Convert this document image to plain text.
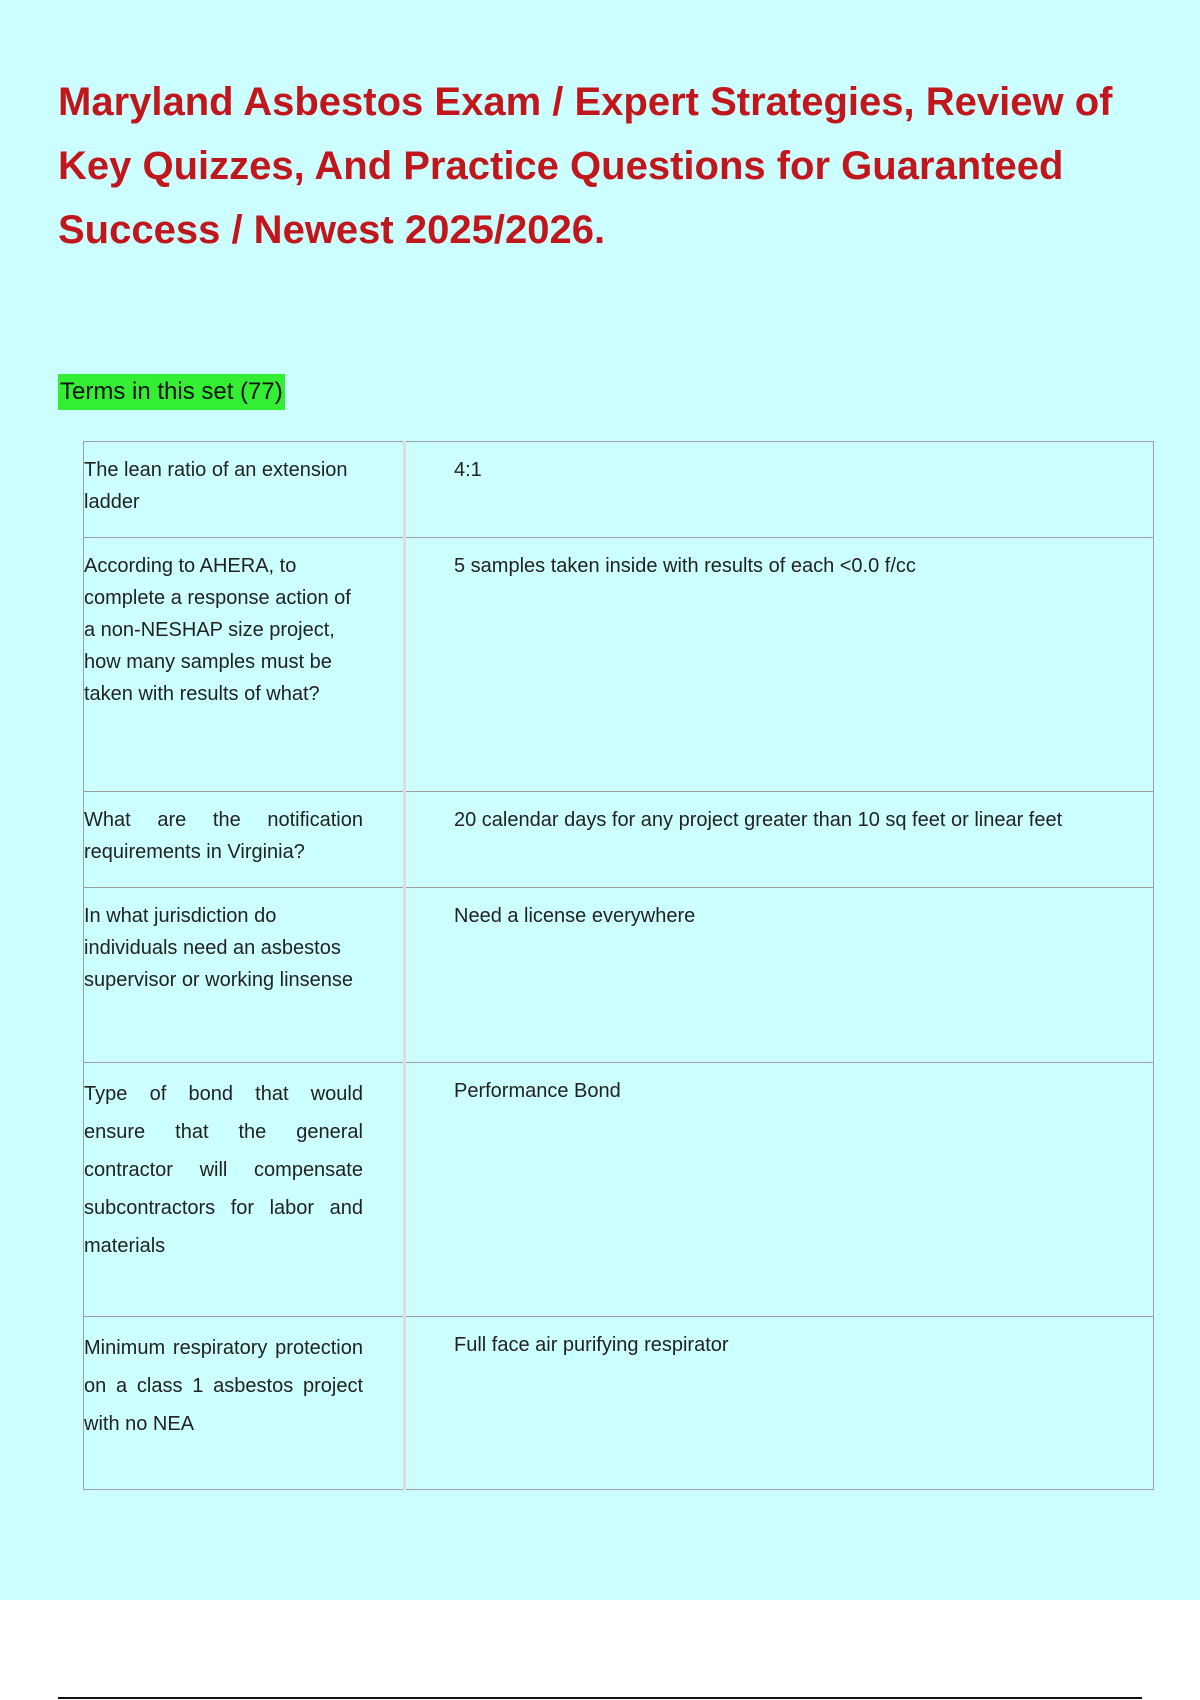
Maryland Asbestos Exam / Expert Strategies, Review of Key Quizzes, And Practice Questions for Guaranteed Success / Newest 2025/2026.
Terms in this set (77)
The lean ratio of an extension ladder	4:1

According to AHERA, to complete a response action of a non-NESHAP size project, how many samples must be taken with results of what?	5 samples taken inside with results of each <0.0 f/cc

What are the notification requirements in Virginia?	20 calendar days for any project greater than 10 sq feet or linear feet

In what jurisdiction do individuals need an asbestos supervisor or working linsense	Need a license everywhere

Type of bond that would ensure that the general contractor will compensate subcontractors for labor and materials	Performance Bond

Minimum respiratory protection on a class 1 asbestos project with no NEA	Full face air purifying respirator
